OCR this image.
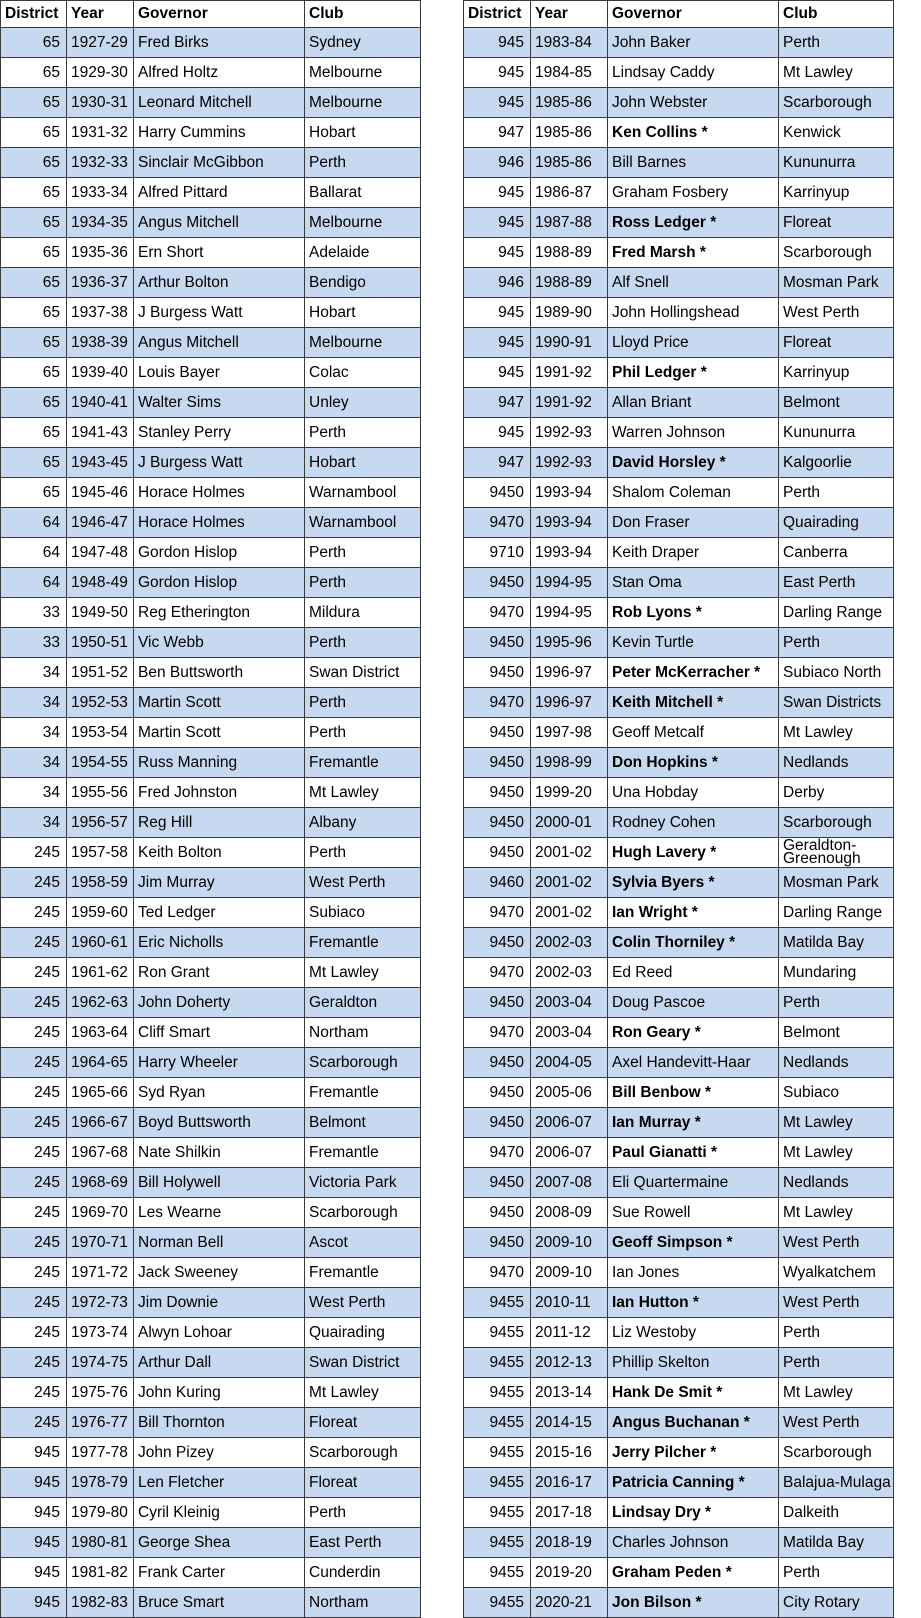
District	Year	Governor	Club
65	1927-29	Fred Birks	Sydney
65	1929-30	Alfred Holtz	Melbourne
65	1930-31	Leonard Mitchell	Melbourne
65	1931-32	Harry Cummins	Hobart
65	1932-33	Sinclair McGibbon	Perth
65	1933-34	Alfred Pittard	Ballarat
65	1934-35	Angus Mitchell	Melbourne
65	1935-36	Ern Short	Adelaide
65	1936-37	Arthur Bolton	Bendigo
65	1937-38	J Burgess Watt	Hobart
65	1938-39	Angus Mitchell	Melbourne
65	1939-40	Louis Bayer	Colac
65	1940-41	Walter Sims	Unley
65	1941-43	Stanley Perry	Perth
65	1943-45	J Burgess Watt	Hobart
65	1945-46	Horace Holmes	Warnambool
64	1946-47	Horace Holmes	Warnambool
64	1947-48	Gordon Hislop	Perth
64	1948-49	Gordon Hislop	Perth
33	1949-50	Reg Etherington	Mildura
33	1950-51	Vic Webb	Perth
34	1951-52	Ben Buttsworth	Swan District
34	1952-53	Martin Scott	Perth
34	1953-54	Martin Scott	Perth
34	1954-55	Russ Manning	Fremantle
34	1955-56	Fred Johnston	Mt Lawley
34	1956-57	Reg Hill	Albany
245	1957-58	Keith Bolton	Perth
245	1958-59	Jim Murray	West Perth
245	1959-60	Ted Ledger	Subiaco
245	1960-61	Eric Nicholls	Fremantle
245	1961-62	Ron Grant	Mt Lawley
245	1962-63	John Doherty	Geraldton
245	1963-64	Cliff Smart	Northam
245	1964-65	Harry Wheeler	Scarborough
245	1965-66	Syd Ryan	Fremantle
245	1966-67	Boyd Buttsworth	Belmont
245	1967-68	Nate Shilkin	Fremantle
245	1968-69	Bill Holywell	Victoria Park
245	1969-70	Les Wearne	Scarborough
245	1970-71	Norman Bell	Ascot
245	1971-72	Jack Sweeney	Fremantle
245	1972-73	Jim Downie	West Perth
245	1973-74	Alwyn Lohoar	Quairading
245	1974-75	Arthur Dall	Swan District
245	1975-76	John Kuring	Mt Lawley
245	1976-77	Bill Thornton	Floreat
945	1977-78	John Pizey	Scarborough
945	1978-79	Len Fletcher	Floreat
945	1979-80	Cyril Kleinig	Perth
945	1980-81	George Shea	East Perth
945	1981-82	Frank Carter	Cunderdin
945	1982-83	Bruce Smart	Northam
District	Year	Governor	Club
945	1983-84	John Baker	Perth
945	1984-85	Lindsay Caddy	Mt Lawley
945	1985-86	John Webster	Scarborough
947	1985-86	Ken Collins *	Kenwick
946	1985-86	Bill Barnes	Kununurra
945	1986-87	Graham Fosbery	Karrinyup
945	1987-88	Ross Ledger *	Floreat
945	1988-89	Fred Marsh *	Scarborough
946	1988-89	Alf Snell	Mosman Park
945	1989-90	John Hollingshead	West Perth
945	1990-91	Lloyd Price	Floreat
945	1991-92	Phil Ledger *	Karrinyup
947	1991-92	Allan Briant	Belmont
945	1992-93	Warren Johnson	Kununurra
947	1992-93	David Horsley *	Kalgoorlie
9450	1993-94	Shalom Coleman	Perth
9470	1993-94	Don Fraser	Quairading
9710	1993-94	Keith Draper	Canberra
9450	1994-95	Stan Oma	East Perth
9470	1994-95	Rob Lyons *	Darling Range
9450	1995-96	Kevin Turtle	Perth
9450	1996-97	Peter McKerracher *	Subiaco North
9470	1996-97	Keith Mitchell *	Swan Districts
9450	1997-98	Geoff Metcalf	Mt Lawley
9450	1998-99	Don Hopkins *	Nedlands
9450	1999-20	Una Hobday	Derby
9450	2000-01	Rodney Cohen	Scarborough
9450	2001-02	Hugh Lavery *	Geraldton-Greenough
9460	2001-02	Sylvia Byers *	Mosman Park
9470	2001-02	Ian Wright *	Darling Range
9450	2002-03	Colin Thorniley *	Matilda Bay
9470	2002-03	Ed Reed	Mundaring
9450	2003-04	Doug Pascoe	Perth
9470	2003-04	Ron Geary *	Belmont
9450	2004-05	Axel Handevitt-Haar	Nedlands
9450	2005-06	Bill Benbow *	Subiaco
9450	2006-07	Ian Murray *	Mt Lawley
9470	2006-07	Paul Gianatti *	Mt Lawley
9450	2007-08	Eli Quartermaine	Nedlands
9450	2008-09	Sue Rowell	Mt Lawley
9450	2009-10	Geoff Simpson *	West Perth
9470	2009-10	Ian Jones	Wyalkatchem
9455	2010-11	Ian Hutton *	West Perth
9455	2011-12	Liz Westoby	Perth
9455	2012-13	Phillip Skelton	Perth
9455	2013-14	Hank De Smit *	Mt Lawley
9455	2014-15	Angus Buchanan *	West Perth
9455	2015-16	Jerry Pilcher *	Scarborough
9455	2016-17	Patricia Canning *	Balajua-Mulaga
9455	2017-18	Lindsay Dry *	Dalkeith
9455	2018-19	Charles Johnson	Matilda Bay
9455	2019-20	Graham Peden *	Perth
9455	2020-21	Jon Bilson *	City Rotary
